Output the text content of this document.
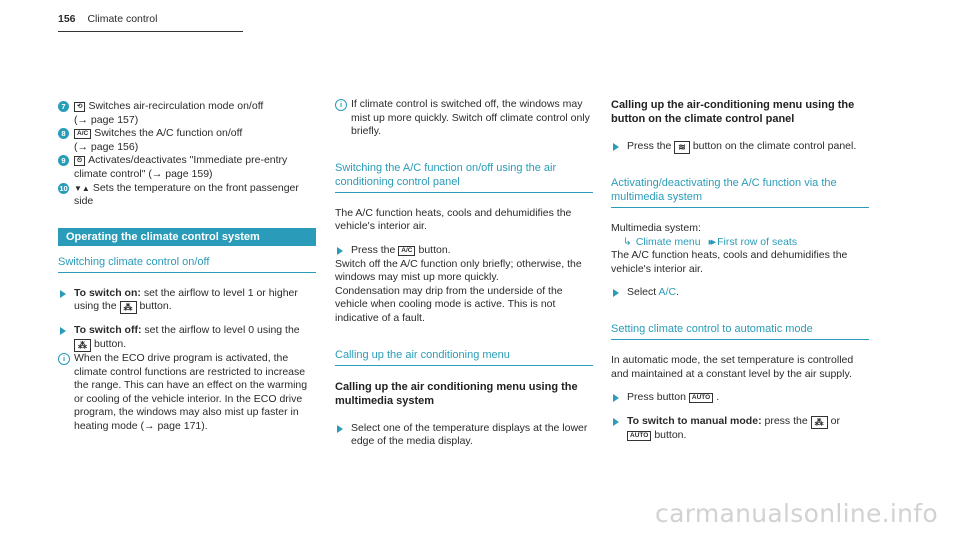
156 Climate control
7	⟲ Switches air-recirculation mode on/off
(→ page 157)
8	A/C Switches the A/C function on/off
(→ page 156)
9	⏲ Activates/deactivates "Immediate pre-entry climate control" (→ page 159)
10 ▼▲ Sets the temperature on the front passenger side
Operating the climate control system
Switching climate control on/off
To switch on: set the airflow to level 1 or higher using the ⁂ button.
To switch off: set the airflow to level 0 using the ⁂ button.
i When the ECO drive program is activated, the climate control functions are restricted to increase the range. This can have an effect on the warming or cooling of the vehicle interior. In the ECO drive program, the windows may also mist up faster in heating mode (→ page 171).
i If climate control is switched off, the windows may mist up more quickly. Switch off climate control only briefly.
Switching the A/C function on/off using the air conditioning control panel

The A/C function heats, cools and dehumidifies the vehicle's interior air.

Press the A/C button.

Switch off the A/C function only briefly; otherwise, the windows may mist up more quickly.

Condensation may drip from the underside of the vehicle when cooling mode is active. This is not indicative of a fault.

Calling up the air conditioning menu
Calling up the air conditioning menu using the multimedia system
Select one of the temperature displays at the lower edge of the media display.
Calling up the air-conditioning menu using the button on the climate control panel
Press the ≋ button on the climate control panel.
Activating/deactivating the A/C function via the multimedia system

Multimedia system:

↳ Climate menu ▸▸ First row of seats

The A/C function heats, cools and dehumidifies the vehicle's interior air.

Select A/C.
Setting climate control to automatic mode

In automatic mode, the set temperature is controlled and maintained at a constant level by the air supply.

Press button AUTO .
To switch to manual mode: press the ⁂ or
AUTO button.
carmanualsonline.info
